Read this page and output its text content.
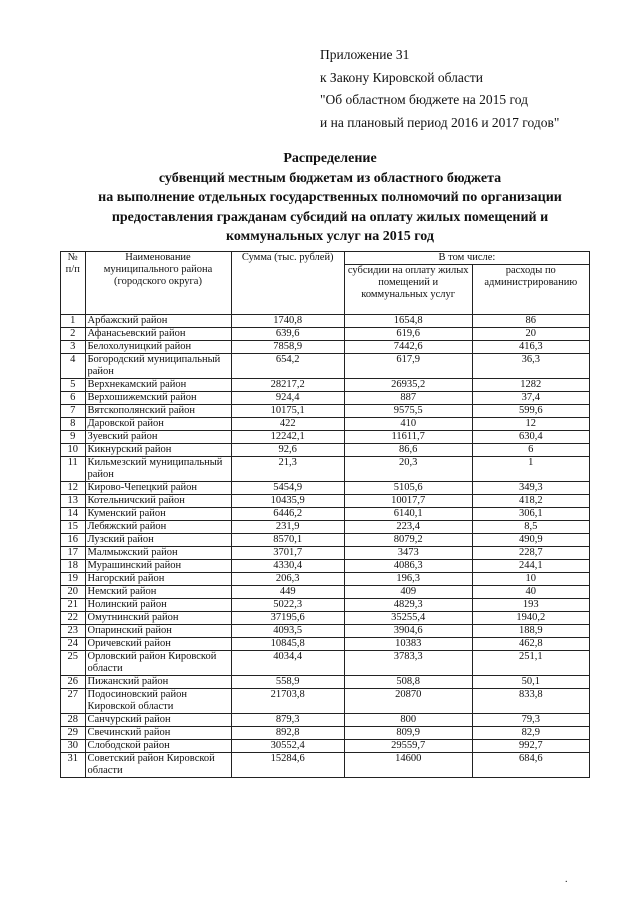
Приложение 31
к Закону Кировской области
"Об областном бюджете на 2015 год
и на плановый период 2016 и 2017 годов"
Распределение
субвенций местным бюджетам из областного бюджета
на выполнение отдельных государственных полномочий по организации
предоставления гражданам субсидий на оплату жилых помещений и
коммунальных услуг на 2015 год
№ п/п	Наименование муниципального района (городского округа)	Сумма (тыс. рублей)	В том числе:	
			субсидии на оплату жилых помещений и коммунальных услуг	расходы по администрированию
1	Арбажский район	1740,8	1654,8	86
2	Афанасьевский район	639,6	619,6	20
3	Белохолуницкий район	7858,9	7442,6	416,3
4	Богородский муниципальный район	654,2	617,9	36,3
5	Верхнекамский район	28217,2	26935,2	1282
6	Верхошижемский район	924,4	887	37,4
7	Вятскополянский район	10175,1	9575,5	599,6
8	Даровской район	422	410	12
9	Зуевский район	12242,1	11611,7	630,4
10	Кикнурский район	92,6	86,6	6
11	Кильмезский муниципальный район	21,3	20,3	1
12	Кирово-Чепецкий район	5454,9	5105,6	349,3
13	Котельничский район	10435,9	10017,7	418,2
14	Куменский район	6446,2	6140,1	306,1
15	Лебяжский район	231,9	223,4	8,5
16	Лузский район	8570,1	8079,2	490,9
17	Малмыжский район	3701,7	3473	228,7
18	Мурашинский район	4330,4	4086,3	244,1
19	Нагорский район	206,3	196,3	10
20	Немский район	449	409	40
21	Нолинский район	5022,3	4829,3	193
22	Омутнинский район	37195,6	35255,4	1940,2
23	Опаринский район	4093,5	3904,6	188,9
24	Оричевский район	10845,8	10383	462,8
25	Орловский район Кировской области	4034,4	3783,3	251,1
26	Пижанский район	558,9	508,8	50,1
27	Подосиновский район Кировской области	21703,8	20870	833,8
28	Санчурский район	879,3	800	79,3
29	Свечинский район	892,8	809,9	82,9
30	Слободской район	30552,4	29559,7	992,7
31	Советский район Кировской области	15284,6	14600	684,6
.
